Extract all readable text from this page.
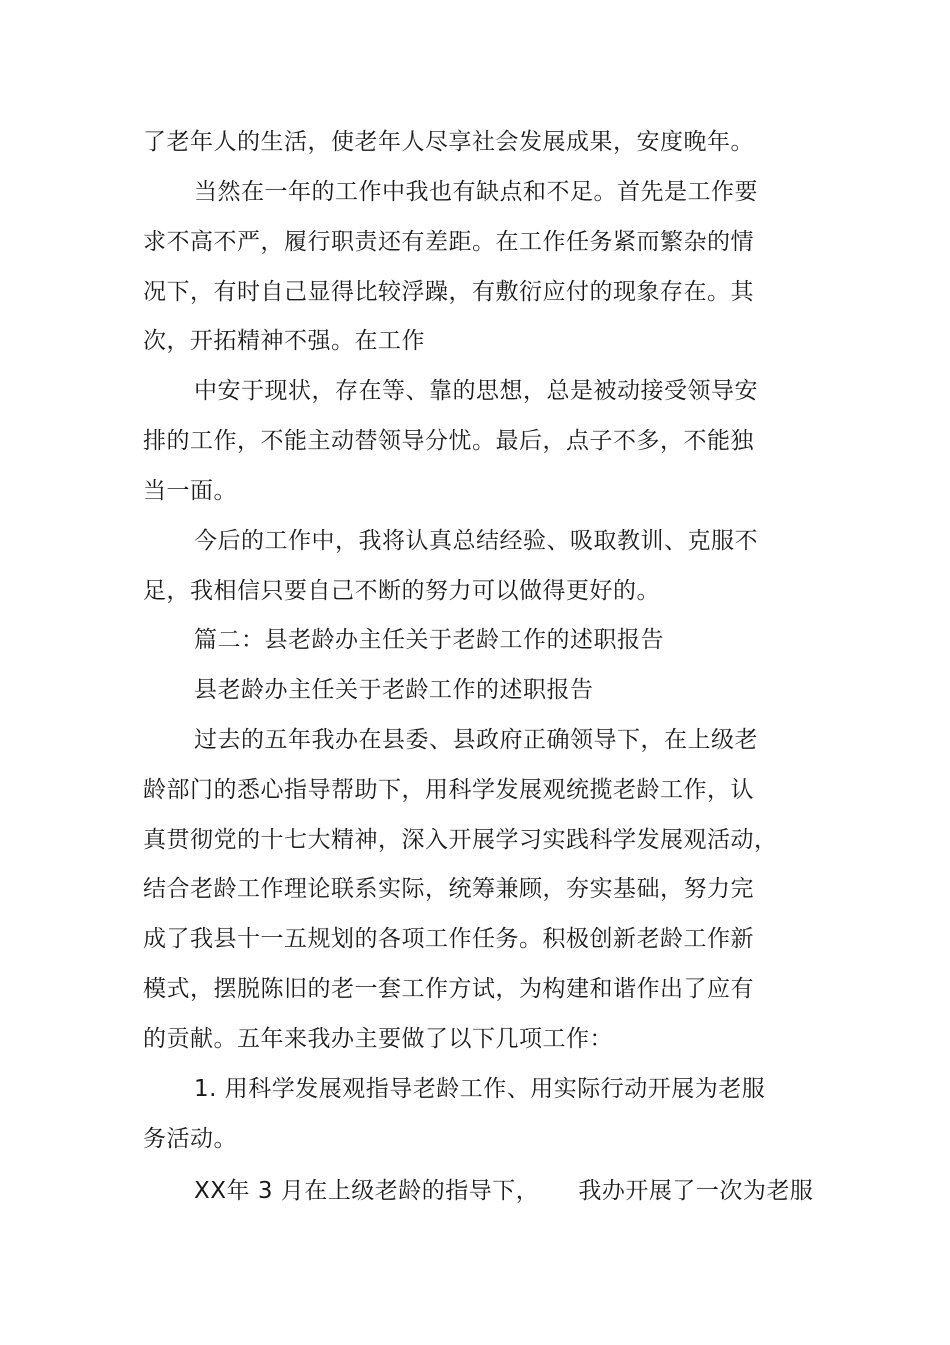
了老年人的生活，使老年人尽享社会发展成果，安度晚年。
当然在一年的工作中我也有缺点和不足。首先是工作要
求不高不严，履行职责还有差距。在工作任务紧而繁杂的情
况下，有时自己显得比较浮躁，有敷衍应付的现象存在。其
次，开拓精神不强。在工作
中安于现状，存在等、靠的思想，总是被动接受领导安
排的工作，不能主动替领导分忧。最后，点子不多，不能独
当一面。
今后的工作中，我将认真总结经验、吸取教训、克服不
足，我相信只要自己不断的努力可以做得更好的。
篇二：县老龄办主任关于老龄工作的述职报告
县老龄办主任关于老龄工作的述职报告
过去的五年我办在县委、县政府正确领导下，在上级老
龄部门的悉心指导帮助下，用科学发展观统揽老龄工作，认
真贯彻党的十七大精神，深入开展学习实践科学发展观活动，
结合老龄工作理论联系实际，统筹兼顾，夯实基础，努力完
成了我县十一五规划的各项工作任务。积极创新老龄工作新
模式，摆脱陈旧的老一套工作方试，为构建和谐作出了应有
的贡献。五年来我办主要做了以下几项工作：
1. 用科学发展观指导老龄工作、用实际行动开展为老服
务活动。
XX年 3 月在上级老龄的指导下，     我办开展了一次为老服
